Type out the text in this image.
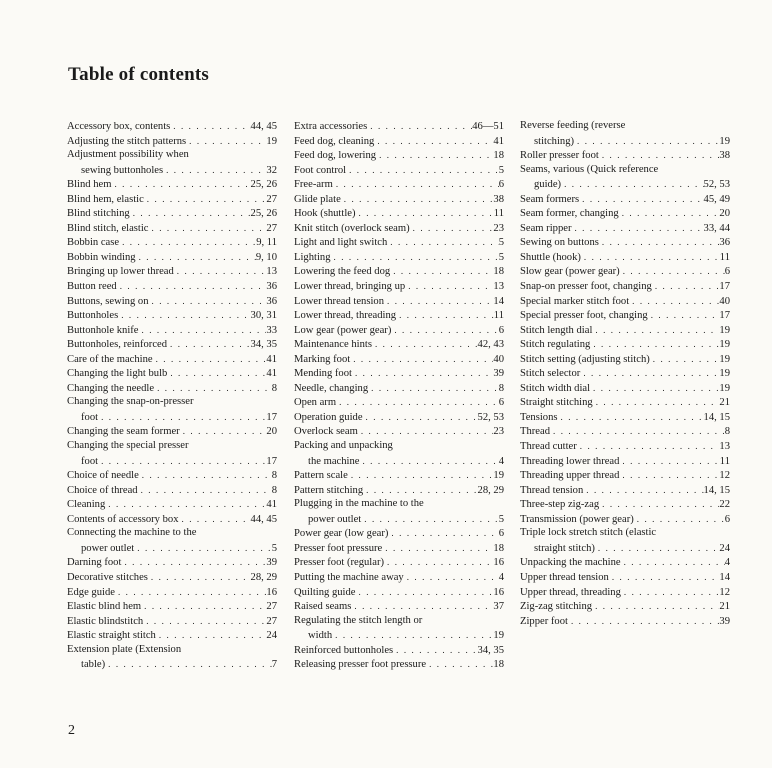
Table of contents
Accessory box, contents . . .	44, 45
Adjusting the stitch patterns . . .	19
Adjustment possibility when
sewing buttonholes . . .	32
Blind hem . . .	25, 26
Blind hem, elastic . . .	27
Blind stitching . . .	25, 26
Blind stitch, elastic . . .	27
Bobbin case . . .	9, 11
Bobbin winding . . .	9, 10
Bringing up lower thread . . .	13
Button reed . . .	36
Buttons, sewing on . . .	36
Buttonholes . . .	30, 31
Buttonhole knife . . .	33
Buttonholes, reinforced . . .	34, 35
Care of the machine . . .	41
Changing the light bulb . . .	41
Changing the needle . . .	8
Changing the snap-on-presser
foot . . .	17
Changing the seam former . . .	20
Changing the special presser
foot . . .	17
Choice of needle . . .	8
Choice of thread . . .	8
Cleaning . . .	41
Contents of accessory box . . .	44, 45
Connecting the machine to the
power outlet . . .	5
Darning foot . . .	39
Decorative stitches . . .	28, 29
Edge guide . . .	16
Elastic blind hem . . .	27
Elastic blindstitch . . .	27
Elastic straight stitch . . .	24
Extension plate (Extension
table) . . .	7
Extra accessories . . .	46—51
Feed dog, cleaning . . .	41
Feed dog, lowering . . .	18
Foot control . . .	5
Free-arm . . .	6
Glide plate . . .	38
Hook (shuttle) . . .	11
Knit stitch (overlock seam) . . .	23
Light and light switch . . .	5
Lighting . . .	5
Lowering the feed dog . . .	18
Lower thread, bringing up . . .	13
Lower thread tension . . .	14
Lower thread, threading . . .	11
Low gear (power gear) . . .	6
Maintenance hints . . .	42, 43
Marking foot . . .	40
Mending foot . . .	39
Needle, changing . . .	8
Open arm . . .	6
Operation guide . . .	52, 53
Overlock seam . . .	23
Packing and unpacking
the machine . . .	4
Pattern scale . . .	19
Pattern stitching . . .	28, 29
Plugging in the machine to the
power outlet . . .	5
Power gear (low gear) . . .	6
Presser foot pressure . . .	18
Presser foot (regular) . . .	16
Putting the machine away . . .	4
Quilting guide . . .	16
Raised seams . . .	37
Regulating the stitch length or
width . . .	19
Reinforced buttonholes . . .	34, 35
Releasing presser foot pressure . . .	18
Reverse feeding (reverse
stitching) . . .	19
Roller presser foot . . .	38
Seams, various (Quick reference
guide) . . .	52, 53
Seam formers . . .	45, 49
Seam former, changing . . .	20
Seam ripper . . .	33, 44
Sewing on buttons . . .	36
Shuttle (hook) . . .	11
Slow gear (power gear) . . .	6
Snap-on presser foot, changing . . .	17
Special marker stitch foot . . .	40
Special presser foot, changing . . .	17
Stitch length dial . . .	19
Stitch regulating . . .	19
Stitch setting (adjusting stitch) . . .	19
Stitch selector . . .	19
Stitch width dial . . .	19
Straight stitching . . .	21
Tensions . . .	14, 15
Thread . . .	8
Thread cutter . . .	13
Threading lower thread . . .	11
Threading upper thread . . .	12
Thread tension . . .	14, 15
Three-step zig-zag . . .	22
Transmission (power gear) . . .	6
Triple lock stretch stitch (elastic
straight stitch) . . .	24
Unpacking the machine . . .	4
Upper thread tension . . .	14
Upper thread, threading . . .	12
Zig-zag stitching . . .	21
Zipper foot . . .	39
2
